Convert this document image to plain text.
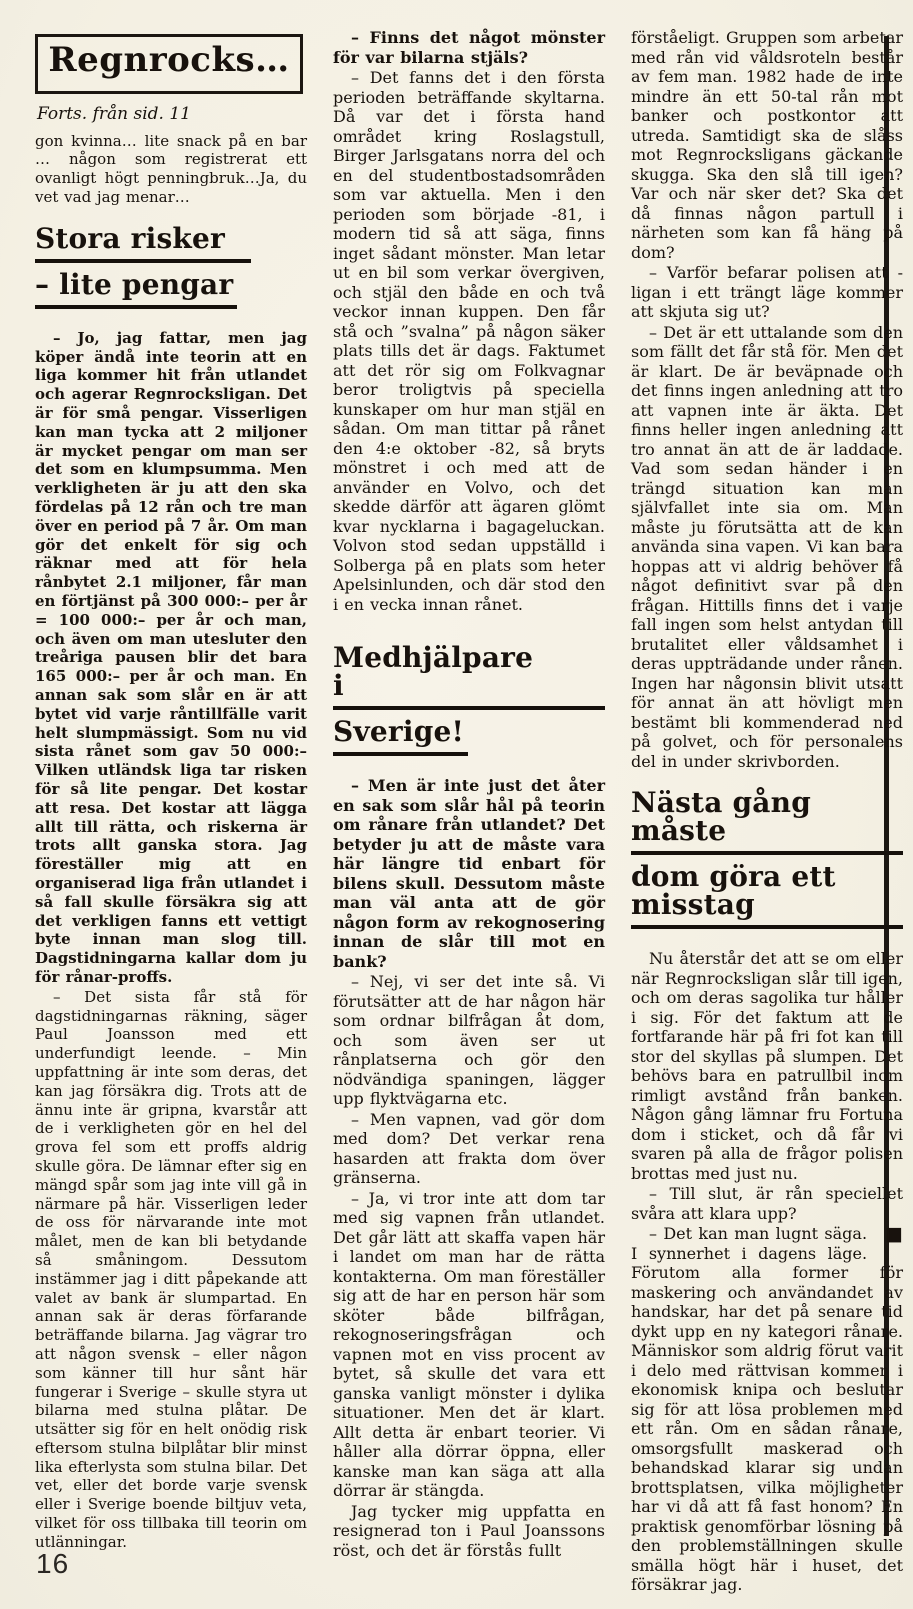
Regnrocks…

Forts. från sid. 11

gon kvinna… lite snack på en bar … någon som registrerat ett ovanligt högt penningbruk…Ja, du vet vad jag menar…

Stora risker
– lite pengar

– Jo, jag fattar, men jag köper ändå inte teorin att en liga kommer hit från utlandet och agerar Regnrocksligan. Det är för små pengar. Visserligen kan man tycka att 2 miljoner är mycket pengar om man ser det som en klumpsumma. Men verkligheten är ju att den ska fördelas på 12 rån och tre man över en period på 7 år. Om man gör det enkelt för sig och räknar med att för hela rånbytet 2.1 miljoner, får man en förtjänst på 300 000:– per år = 100 000:– per år och man, och även om man utesluter den treåriga pausen blir det bara 165 000:– per år och man. En annan sak som slår en är att bytet vid varje råntillfälle varit helt slumpmässigt. Som nu vid sista rånet som gav 50 000:– Vilken utländsk liga tar risken för så lite pengar. Det kostar att resa. Det kostar att lägga allt till rätta, och riskerna är trots allt ganska stora. Jag föreställer mig att en organiserad liga från utlandet i så fall skulle försäkra sig att det verkligen fanns ett vettigt byte innan man slog till. Dagstidningarna kallar dom ju för rånar-proffs.

– Det sista får stå för dagstidningarnas räkning, säger Paul Joansson med ett underfundigt leende. – Min uppfattning är inte som deras, det kan jag försäkra dig. Trots att de ännu inte är gripna, kvarstår att de i verkligheten gör en hel del grova fel som ett proffs aldrig skulle göra. De lämnar efter sig en mängd spår som jag inte vill gå in närmare på här. Visserligen leder de oss för närvarande inte mot målet, men de kan bli betydande så småningom. Dessutom instämmer jag i ditt påpekande att valet av bank är slumpartad. En annan sak är deras förfarande beträffande bilarna. Jag vägrar tro att någon svensk – eller någon som känner till hur sånt här fungerar i Sverige – skulle styra ut bilarna med stulna plåtar. De utsätter sig för en helt onödig risk eftersom stulna bilplåtar blir minst lika efterlysta som stulna bilar. Det vet, eller det borde varje svensk eller i Sverige boende biltjuv veta, vilket för oss tillbaka till teorin om utlänningar.

– Finns det något mönster för var bilarna stjäls?

– Det fanns det i den första perioden beträffande skyltarna. Då var det i första hand området kring Roslagstull, Birger Jarlsgatans norra del och en del studentbostadsområden som var aktuella. Men i den perioden som började -81, i modern tid så att säga, finns inget sådant mönster. Man letar ut en bil som verkar övergiven, och stjäl den både en och två veckor innan kuppen. Den får stå och ”svalna” på någon säker plats tills det är dags. Faktumet att det rör sig om Folkvagnar beror troligtvis på speciella kunskaper om hur man stjäl en sådan. Om man tittar på rånet den 4:e oktober -82, så bryts mönstret i och med att de använder en Volvo, och det skedde därför att ägaren glömt kvar nycklarna i bagageluckan. Volvon stod sedan uppställd i Solberga på en plats som heter Apelsinlunden, och där stod den i en vecka innan rånet.

Medhjälpare i
Sverige!

– Men är inte just det åter en sak som slår hål på teorin om rånare från utlandet? Det betyder ju att de måste vara här längre tid enbart för bilens skull. Dessutom måste man väl anta att de gör någon form av rekognosering innan de slår till mot en bank?

– Nej, vi ser det inte så. Vi förutsätter att de har någon här som ordnar bilfrågan åt dom, och som även ser ut rånplatserna och gör den nödvändiga spaningen, lägger upp flyktvägarna etc.

– Men vapnen, vad gör dom med dom? Det verkar rena hasarden att frakta dom över gränserna.

– Ja, vi tror inte att dom tar med sig vapnen från utlandet. Det går lätt att skaffa vapen här i landet om man har de rätta kontakterna. Om man föreställer sig att de har en person här som sköter både bilfrågan, rekognoseringsfrågan och vapnen mot en viss procent av bytet, så skulle det vara ett ganska vanligt mönster i dylika situationer. Men det är klart. Allt detta är enbart teorier. Vi håller alla dörrar öppna, eller kanske man kan säga att alla dörrar är stängda.

Jag tycker mig uppfatta en resignerad ton i Paul Joanssons röst, och det är förstås fullt

förståeligt. Gruppen som arbetar med rån vid våldsroteln består av fem man. 1982 hade de inte mindre än ett 50-tal rån mot banker och postkontor att utreda. Samtidigt ska de slåss mot Regnrocksligans gäckande skugga. Ska den slå till igen? Var och när sker det? Ska det då finnas någon partull i närheten som kan få häng på dom?

– Varför befarar polisen att -ligan i ett trängt läge kommer att skjuta sig ut?

– Det är ett uttalande som den som fällt det får stå för. Men det är klart. De är beväpnade och det finns ingen anledning att tro att vapnen inte är äkta. Det finns heller ingen anledning att tro annat än att de är laddade. Vad som sedan händer i en trängd situation kan man självfallet inte sia om. Man måste ju förutsätta att de kan använda sina vapen. Vi kan bara hoppas att vi aldrig behöver få något definitivt svar på den frågan. Hittills finns det i varje fall ingen som helst antydan till brutalitet eller våldsamhet i deras uppträdande under rånen. Ingen har någonsin blivit utsatt för annat än att hövligt men bestämt bli kommenderad ned på golvet, och för personalens del in under skrivborden.

Nästa gång måste
dom göra ett misstag

Nu återstår det att se om eller när Regnrocksligan slår till igen, och om deras sagolika tur håller i sig. För det faktum att de fortfarande här på fri fot kan till stor del skyllas på slumpen. Det behövs bara en patrullbil inom rimligt avstånd från banken. Någon gång lämnar fru Fortuna dom i sticket, och då får vi svaren på alla de frågor polisen brottas med just nu.

– Till slut, är rån speciellet svåra att klara upp?

■
– Det kan man lugnt säga. I synnerhet i dagens läge. Förutom alla former för maskering och användandet av handskar, har det på senare tid dykt upp en ny kategori rånare. Människor som aldrig förut varit i delo med rättvisan kommer i ekonomisk knipa och beslutar sig för att lösa problemen med ett rån. Om en sådan rånare, omsorgsfullt maskerad och behandskad klarar sig undan brottsplatsen, vilka möjligheter har vi då att få fast honom? En praktisk genomförbar lösning på den problemställningen skulle smälla högt här i huset, det försäkrar jag.

16
